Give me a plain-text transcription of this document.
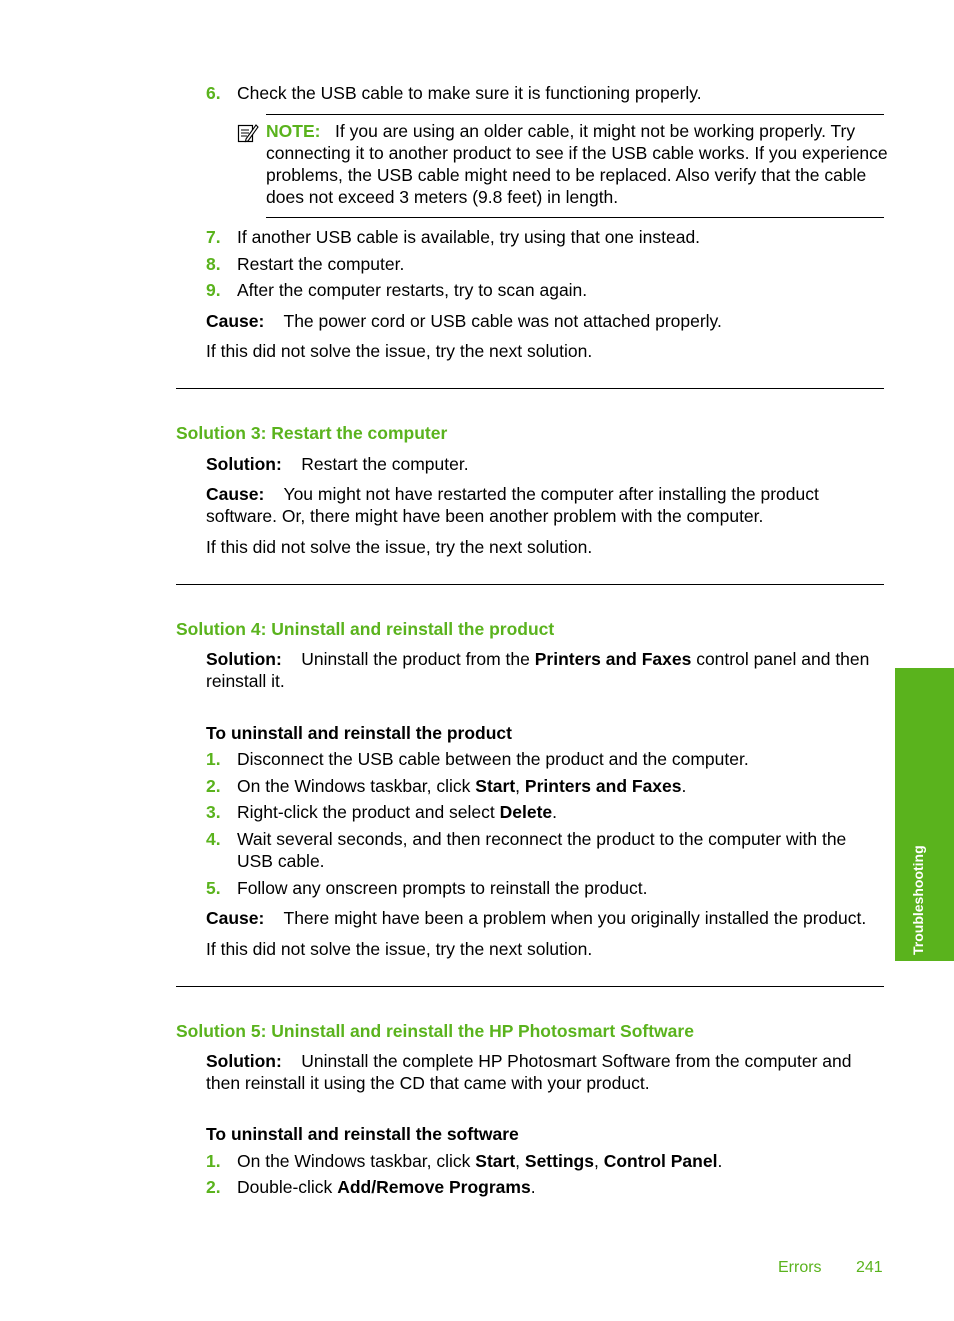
6. Check the USB cable to make sure it is functioning properly.
NOTE: If you are using an older cable, it might not be working properly. Try connecting it to another product to see if the USB cable works. If you experience problems, the USB cable might need to be replaced. Also verify that the cable does not exceed 3 meters (9.8 feet) in length.
7. If another USB cable is available, try using that one instead.
8. Restart the computer.
9. After the computer restarts, try to scan again.
Cause: The power cord or USB cable was not attached properly.
If this did not solve the issue, try the next solution.
Solution 3: Restart the computer
Solution: Restart the computer.
Cause: You might not have restarted the computer after installing the product software. Or, there might have been another problem with the computer.
If this did not solve the issue, try the next solution.
Solution 4: Uninstall and reinstall the product
Solution: Uninstall the product from the Printers and Faxes control panel and then reinstall it.
To uninstall and reinstall the product
1. Disconnect the USB cable between the product and the computer.
2. On the Windows taskbar, click Start, Printers and Faxes.
3. Right-click the product and select Delete.
4. Wait several seconds, and then reconnect the product to the computer with the USB cable.
5. Follow any onscreen prompts to reinstall the product.
Cause: There might have been a problem when you originally installed the product.
If this did not solve the issue, try the next solution.
Solution 5: Uninstall and reinstall the HP Photosmart Software
Solution: Uninstall the complete HP Photosmart Software from the computer and then reinstall it using the CD that came with your product.
To uninstall and reinstall the software
1. On the Windows taskbar, click Start, Settings, Control Panel.
2. Double-click Add/Remove Programs.
Troubleshooting
Errors 241
